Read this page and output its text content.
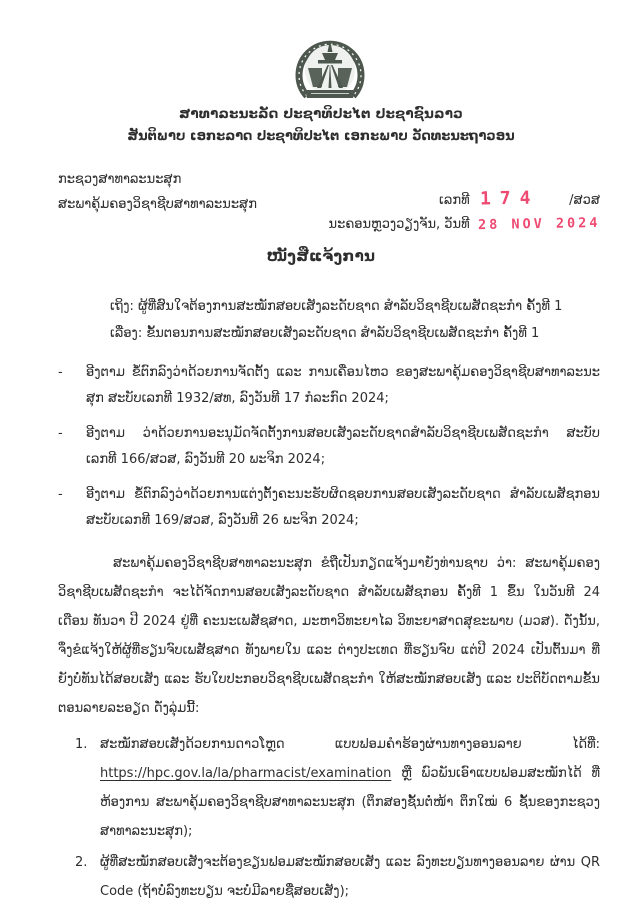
ສາທາລະນະລັດ ປະຊາທິປະໄຕ ປະຊາຊົນລາວ
ສັນຕິພາບ ເອກະລາດ ປະຊາທິປະໄຕ ເອກະພາບ ວັດທະນະຖາວອນ
ກະຊວງສາທາລະນະສຸກ
ສະພາຄຸ້ມຄອງວິຊາຊີບສາທາລະນະສຸກ	ເລກທີ 174 /ສວສ
ນະຄອນຫຼວງວຽງຈັນ, ວັນທີ 28 NOV 2024
ໜັງສືແຈ້ງການ
ເຖິງ: ຜູ້ທີ່ສົນໃຈຕ້ອງການສະໝັກສອບເສັງລະດັບຊາດ ສຳລັບວິຊາຊີບເພສັດຊະກຳ ຄັ້ງທີ 1
ເລື່ອງ: ຂັ້ນຕອນການສະໝັກສອບເສັງລະດັບຊາດ ສຳລັບວິຊາຊີບເພສັດຊະກຳ ຄັ້ງທີ 1
- ອີງຕາມ ຂໍ້ຕົກລົງວ່າດ້ວຍການຈັດຕັ້ງ ແລະ ການເຄື່ອນໄຫວ ຂອງສະພາຄຸ້ມຄອງວິຊາຊີບສາທາລະນະສຸກ ສະບັບເລກທີ 1932/ສທ, ລົງວັນທີ 17 ກໍລະກົດ 2024;
- ອີງຕາມ ວ່າດ້ວຍການອະນຸມັດຈັດຕັ້ງການສອບເສັງລະດັບຊາດສຳລັບວິຊາຊີບເພສັດຊະກຳ ສະບັບເລກທີ 166/ສວສ, ລົງວັນທີ 20 ພະຈິກ 2024;
- ອີງຕາມ ຂໍ້ຕົກລົງວ່າດ້ວຍການແຕ່ງຕັ້ງຄະນະຮັບຜິດຊອບການສອບເສັງລະດັບຊາດ ສຳລັບເພສັຊກອນ ສະບັບເລກທີ 169/ສວສ, ລົງວັນທີ 26 ພະຈິກ 2024;

ສະພາຄຸ້ມຄອງວິຊາຊີບສາທາລະນະສຸກ ຂໍຖືເປັນກຽດແຈ້ງມາຍັງທ່ານຊາບ ວ່າ: ສະພາຄຸ້ມຄອງວິຊາຊີບເພສັດຊະກຳ ຈະໄດ້ຈັດການສອບເສັງລະດັບຊາດ ສຳລັບເພສັຊກອນ ຄັ້ງທີ 1 ຂຶ້ນ ໃນວັນທີ 24 ເດືອນ ທັນວາ ປີ 2024 ຢູ່ທີ່ ຄະນະເພສັຊສາດ, ມະຫາວິທະຍາໄລ ວິທະຍາສາດສຸຂະພາບ (ມວສ). ດັ່ງນັ້ນ, ຈຶ່ງຂໍແຈ້ງໃຫ້ຜູ້ທີ່ຮຽນຈົບເພສັຊສາດ ທັງພາຍໃນ ແລະ ຕ່າງປະເທດ ທີ່ຮຽນຈົບ ແຕ່ປີ 2024 ເປັນຕົ້ນມາ ທີ່ຍັງບໍ່ທັນໄດ້ສອບເສັງ ແລະ ຮັບໃບປະກອບວິຊາຊີບເພສັດຊະກຳ ໃຫ້ສະໝັກສອບເສັງ ແລະ ປະຕິບັດຕາມຂັ້ນຕອນລາຍລະອຽດ ດັ່ງລຸ່ມນີ້:

1. ສະໝັກສອບເສັງດ້ວຍການດາວໂຫຼດ ແບບຟອມຄຳຮ້ອງຜ່ານທາງອອນລາຍ ໄດ້ທີ່: https://hpc.gov.la/la/pharmacist/examination ຫຼື ພົວພັນເອົາແບບຟອມສະໝັກໄດ້ ທີ່ ຫ້ອງການ ສະພາຄຸ້ມຄອງວິຊາຊີບສາທາລະນະສຸກ (ຕຶກສອງຊັ້ນຕໍ່ໜ້າ ຕຶກໃໝ່ 6 ຊັ້ນຂອງກະຊວງສາທາລະນະສຸກ);
2. ຜູ້ທີ່ສະໝັກສອບເສັງຈະຕ້ອງຂຽນຟອມສະໝັກສອບເສັງ ແລະ ລົງທະບຽນທາງອອນລາຍ ຜ່ານ QR Code (ຖ້າບໍ່ລົງທະບຽນ ຈະບໍ່ມີລາຍຊື່ສອບເສັງ);
